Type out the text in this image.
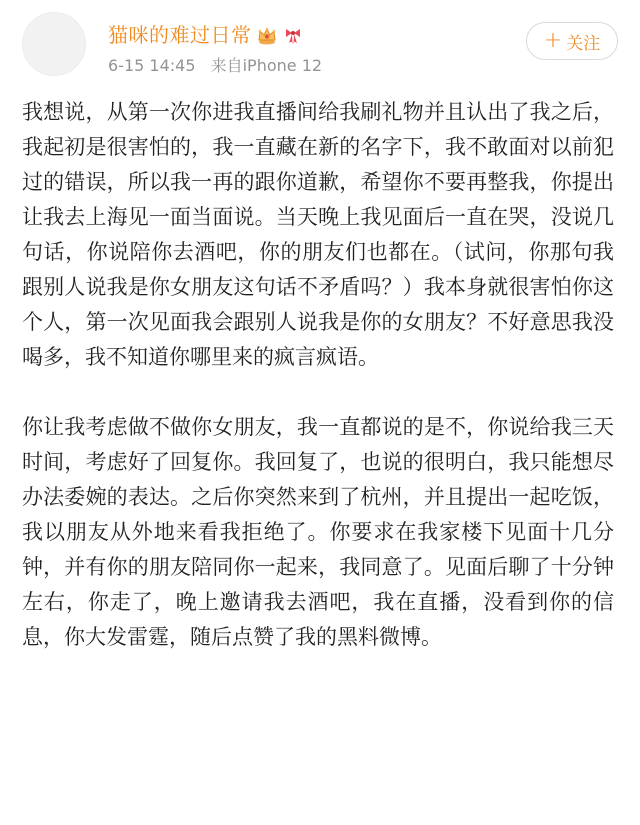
猫咪的难过日常
6-15 14:45 来自iPhone 12
+ 关注

我想说，从第一次你进我直播间给我刷礼物并且认出了我之后，我起初是很害怕的，我一直藏在新的名字下，我不敢面对以前犯过的错误，所以我一再的跟你道歉，希望你不要再整我，你提出让我去上海见一面当面说。当天晚上我见面后一直在哭，没说几句话，你说陪你去酒吧，你的朋友们也都在。（试问，你那句我跟别人说我是你女朋友这句话不矛盾吗？）我本身就很害怕你这个人，第一次见面我会跟别人说我是你的女朋友？不好意思我没喝多，我不知道你哪里来的疯言疯语。

你让我考虑做不做你女朋友，我一直都说的是不，你说给我三天时间，考虑好了回复你。我回复了，也说的很明白，我只能想尽办法委婉的表达。之后你突然来到了杭州，并且提出一起吃饭，我以朋友从外地来看我拒绝了。你要求在我家楼下见面十几分钟，并有你的朋友陪同你一起来，我同意了。见面后聊了十分钟左右，你走了，晚上邀请我去酒吧，我在直播，没看到你的信息，你大发雷霆，随后点赞了我的黑料微博。
